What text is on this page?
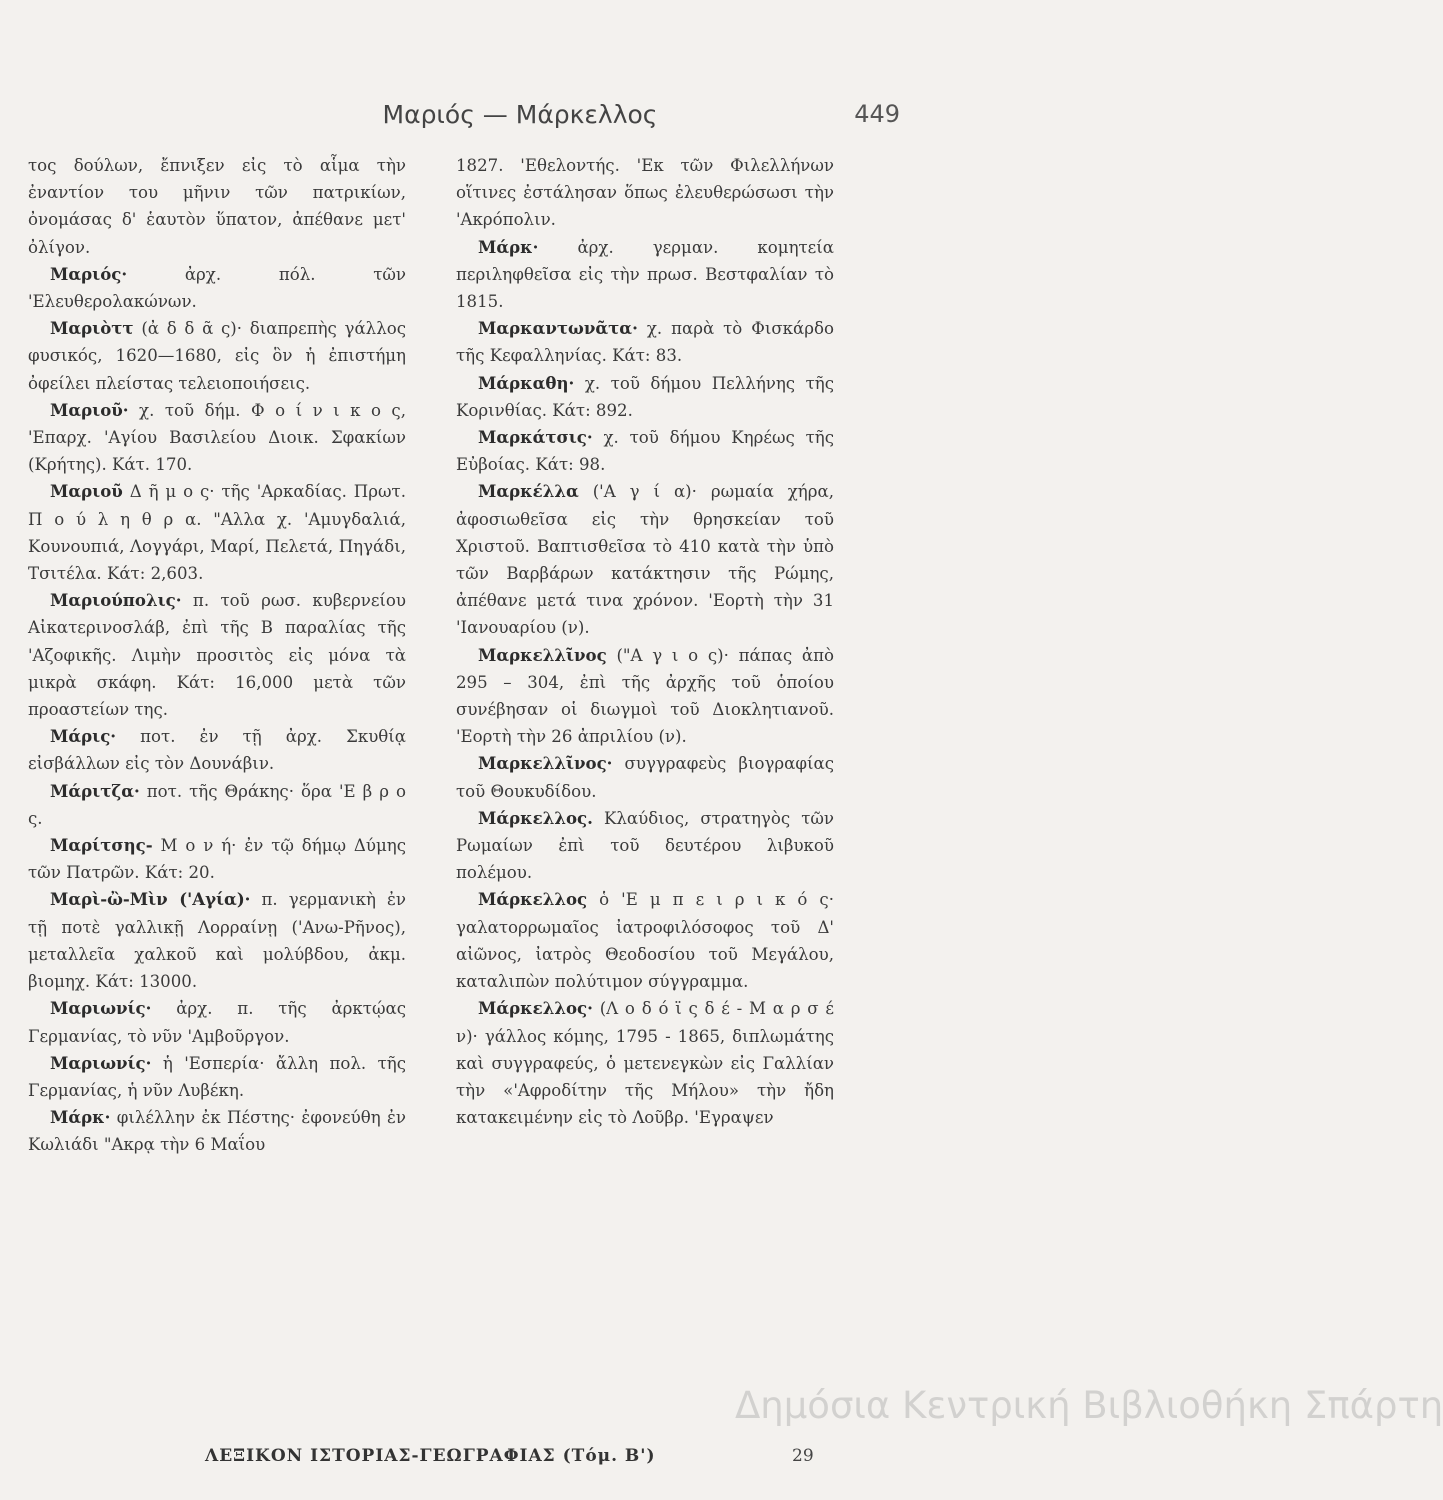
Μαριός — Μάρκελλος	449

τος δούλων, ἔπνιξεν εἰς τὸ αἷμα τὴν ἐναντίον του μῆνιν τῶν πατρικίων, ὀνομάσας δ' ἑαυτὸν ὕπατον, ἀπέθανε μετ' ὀλίγον.

Μαριός·	ἀρχ. πόλ. τῶν 'Ελευθερολακώνων.

Μαριὸττ (ἀ δ δ ᾶ ς)· διαπρεπὴς γάλλος φυσικός, 1620—1680, εἰς ὃν ἡ ἐπιστήμη ὀφείλει πλείστας τελειοποιήσεις.

Μαριοῦ· χ. τοῦ δήμ. Φ ο ί ν ι κ ο ς, 'Επαρχ. 'Αγίου Βασιλείου Διοικ. Σφακίων (Κρήτης). Κάτ. 170.

Μαριοῦ Δ ῆ μ ο ς· τῆς 'Αρκαδίας. Πρωτ. Π ο ύ λ η θ ρ α. "Αλλα χ. 'Αμυγδαλιά, Κουνουπιά, Λογγάρι, Μαρί, Πελετά, Πηγάδι, Τσιτέλα. Κάτ: 2,603.

Μαριούπολις· π. τοῦ ρωσ. κυβερνείου Αἰκατερινοσλάβ, ἐπὶ τῆς Β παραλίας τῆς 'Αζοφικῆς. Λιμὴν προσιτὸς εἰς μόνα τὰ μικρὰ σκάφη. Κάτ: 16,000 μετὰ τῶν προαστείων της.

Μάρις· ποτ. ἐν τῇ ἀρχ. Σκυθίᾳ εἰσβάλλων εἰς τὸν Δουνάβιν.

Μάριτζα· ποτ. τῆς Θράκης· ὅρα 'Ε β ρ ο ς.

Μαρίτσης- Μ ο ν ή· ἐν τῷ δήμῳ Δύμης τῶν Πατρῶν. Κάτ: 20.

Μαρὶ-ὢ-Μὶν ('Αγία)· π. γερμανικὴ ἐν τῇ ποτὲ γαλλικῇ Λορραίνῃ ('Ανω-Ρῆνος), μεταλλεῖα χαλκοῦ καὶ μολύβδου, ἀκμ. βιομηχ. Κάτ: 13000.

Μαριωνίς· ἀρχ. π. τῆς ἀρκτῴας Γερμανίας, τὸ νῦν 'Αμβοῦργον.

Μαριωνίς· ἡ 'Εσπερία· ἄλλη πολ. τῆς Γερμανίας, ἡ νῦν Λυβέκη.

Μάρκ· φιλέλλην ἐκ Πέστης· ἐφονεύθη ἐν Κωλιάδι "Ακρᾳ τὴν 6 Μαΐου

1827. 'Εθελοντής. 'Εκ τῶν Φιλελλήνων οἵτινες ἐστάλησαν ὅπως ἐλευθερώσωσι τὴν 'Ακρόπολιν.

Μάρκ· ἀρχ. γερμαν. κομητεία περιληφθεῖσα εἰς τὴν πρωσ. Βεστφαλίαν τὸ 1815.

Μαρκαντωνᾶτα· χ. παρὰ τὸ Φισκάρδο τῆς Κεφαλληνίας. Κάτ: 83.

Μάρκαθη· χ. τοῦ δήμου Πελλήνης τῆς Κορινθίας. Κάτ: 892.

Μαρκάτσις· χ. τοῦ δήμου Κηρέως τῆς Εὐβοίας. Κάτ: 98.

Μαρκέλλα ('Α γ ί α)· ρωμαία χήρα, ἀφοσιωθεῖσα εἰς τὴν θρησκείαν τοῦ Χριστοῦ. Βαπτισθεῖσα τὸ 410 κατὰ τὴν ὑπὸ τῶν Βαρβάρων κατάκτησιν τῆς Ρώμης, ἀπέθανε μετά τινα χρόνον. 'Εορτὴ τὴν 31 'Ιανουαρίου (ν).

Μαρκελλῖνος ("Α γ ι ο ς)· πάπας ἀπὸ 295 – 304, ἐπὶ τῆς ἀρχῆς τοῦ ὁποίου συνέβησαν οἱ διωγμοὶ τοῦ Διοκλητιανοῦ. 'Εορτὴ τὴν 26 ἀπριλίου (ν).

Μαρκελλῖνος· συγγραφεὺς βιογραφίας τοῦ Θουκυδίδου.

Μάρκελλος. Κλαύδιος, στρατηγὸς τῶν Ρωμαίων ἐπὶ τοῦ δευτέρου λιβυκοῦ πολέμου.

Μάρκελλος ὁ 'Ε μ π ε ι ρ ι κ ό ς· γαλατορρωμαῖος ἰατροφιλόσοφος τοῦ Δ' αἰῶνος, ἰατρὸς Θεοδοσίου τοῦ Μεγάλου, καταλιπὼν πολύτιμον σύγγραμμα.

Μάρκελλος· (Λ ο δ ό ϊ ς δ έ - Μ α ρ σ έ ν)· γάλλος κόμης, 1795 - 1865, διπλωμάτης καὶ συγγραφεύς, ὁ μετενεγκὼν εἰς Γαλλίαν τὴν «'Αφροδίτην τῆς Μήλου» τὴν ἤδη κατακειμένην εἰς τὸ Λοῦβρ. 'Εγραψεν

ΛΕΞΙΚΟΝ ΙΣΤΟΡΙΑΣ-ΓΕΩΓΡΑΦΙΑΣ (Τόμ. Β')	29
Δημόσια Κεντρική Βιβλιοθήκη Σπάρτη
